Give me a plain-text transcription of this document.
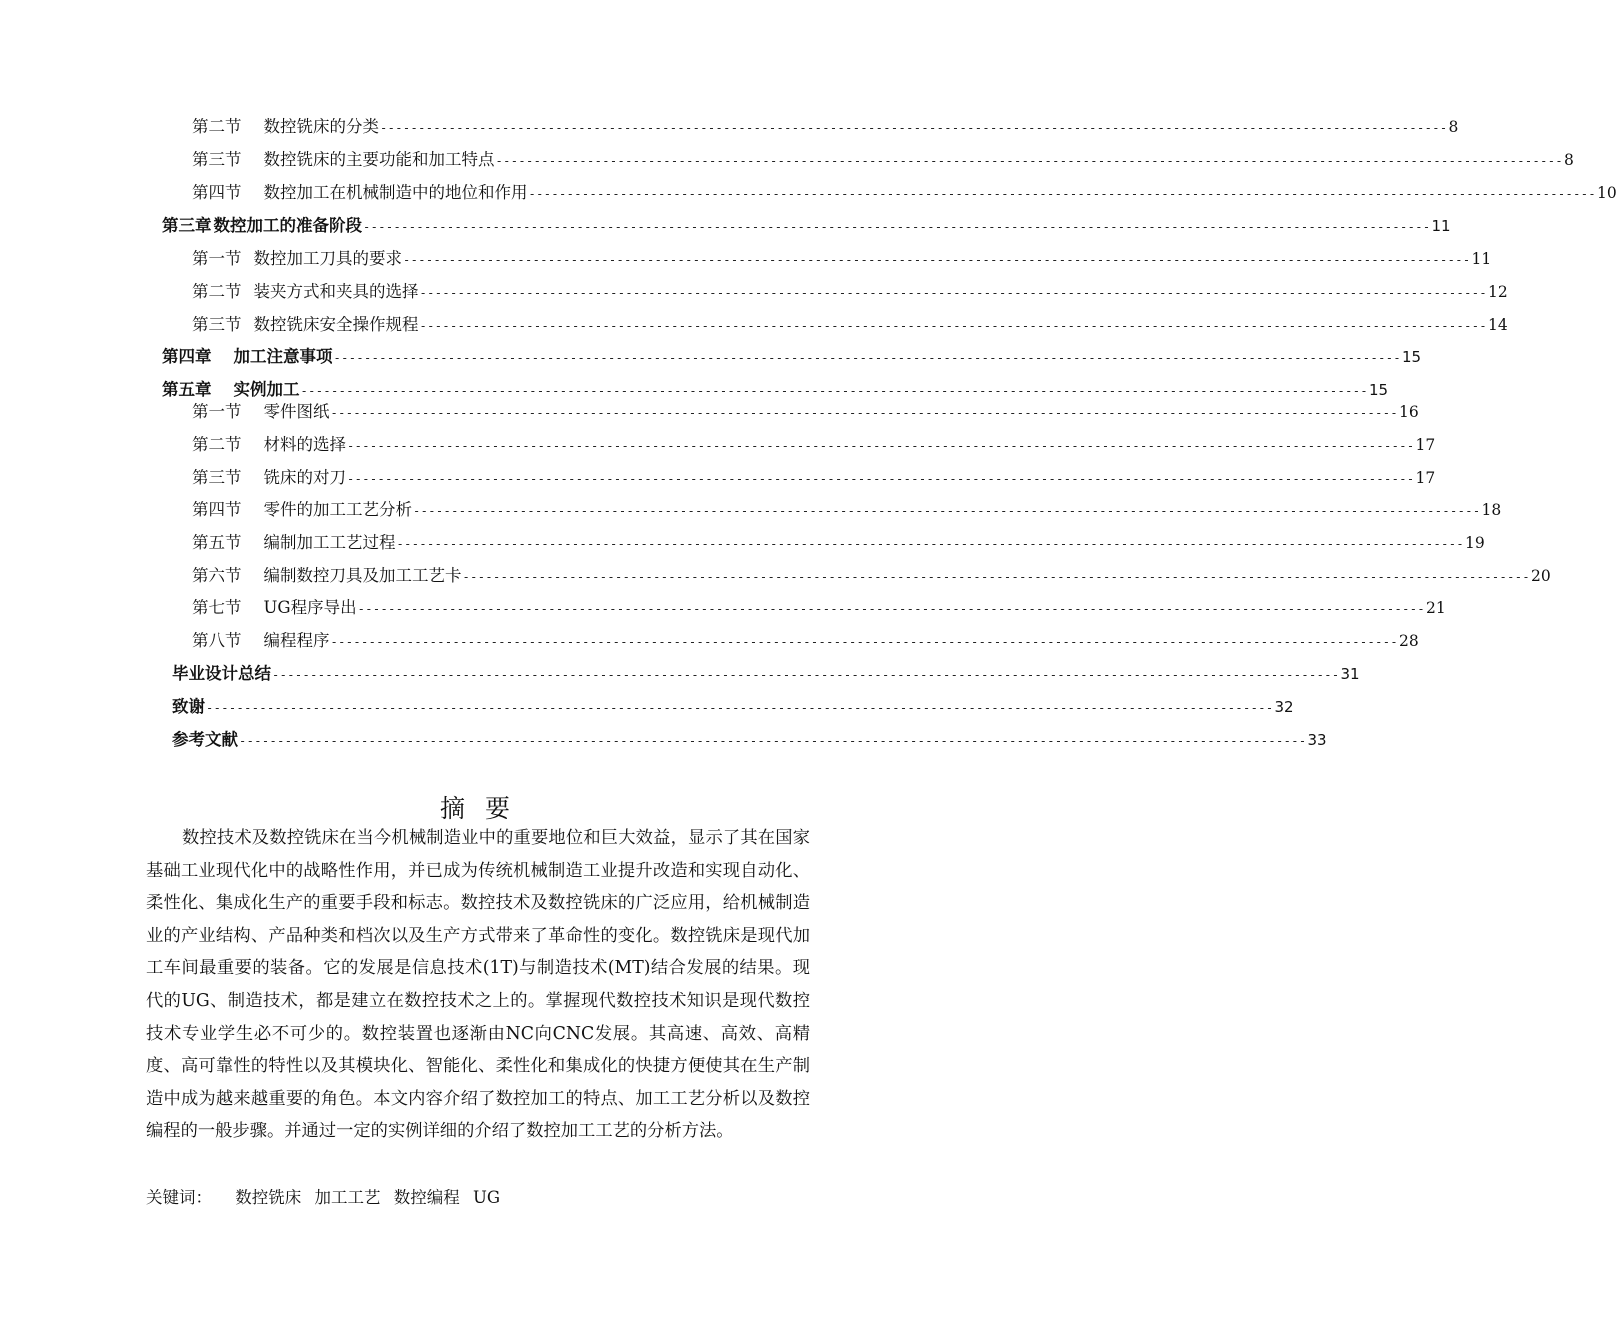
第二节 数控铣床的分类 -------------------------------------------------------------------------------------------------------------------------------------------- 8
第三节 数控铣床的主要功能和加工特点 -------------------------------------------------------------------------------------------------------------------------------------------- 8
第四节 数控加工在机械制造中的地位和作用 -------------------------------------------------------------------------------------------------------------------------------------------- 10
第三章 数控加工的准备阶段 -------------------------------------------------------------------------------------------------------------------------------------------- 11
第一节 数控加工刀具的要求 -------------------------------------------------------------------------------------------------------------------------------------------- 11
第二节 装夹方式和夹具的选择 -------------------------------------------------------------------------------------------------------------------------------------------- 12
第三节 数控铣床安全操作规程 -------------------------------------------------------------------------------------------------------------------------------------------- 14
第四章 加工注意事项 -------------------------------------------------------------------------------------------------------------------------------------------- 15
第五章 实例加工 -------------------------------------------------------------------------------------------------------------------------------------------- 15
第一节 零件图纸 -------------------------------------------------------------------------------------------------------------------------------------------- 16
第二节 材料的选择 -------------------------------------------------------------------------------------------------------------------------------------------- 17
第三节 铣床的对刀 -------------------------------------------------------------------------------------------------------------------------------------------- 17
第四节 零件的加工工艺分析 -------------------------------------------------------------------------------------------------------------------------------------------- 18
第五节 编制加工工艺过程 -------------------------------------------------------------------------------------------------------------------------------------------- 19
第六节 编制数控刀具及加工工艺卡 -------------------------------------------------------------------------------------------------------------------------------------------- 20
第七节 UG程序导出 -------------------------------------------------------------------------------------------------------------------------------------------- 21
第八节 编程程序 -------------------------------------------------------------------------------------------------------------------------------------------- 28
毕业设计总结 -------------------------------------------------------------------------------------------------------------------------------------------- 31
致谢 -------------------------------------------------------------------------------------------------------------------------------------------- 32
参考文献 -------------------------------------------------------------------------------------------------------------------------------------------- 33
摘要

数控技术及数控铣床在当今机械制造业中的重要地位和巨大效益，显示了其在国家基础工业现代化中的战略性作用，并已成为传统机械制造工业提升改造和实现自动化、柔性化、集成化生产的重要手段和标志。数控技术及数控铣床的广泛应用，给机械制造业的产业结构、产品种类和档次以及生产方式带来了革命性的变化。数控铣床是现代加工车间最重要的装备。它的发展是信息技术(1T)与制造技术(MT)结合发展的结果。现代的UG、制造技术，都是建立在数控技术之上的。掌握现代数控技术知识是现代数控技术专业学生必不可少的。数控装置也逐渐由NC向CNC发展。其高速、高效、高精度、高可靠性的特性以及其模块化、智能化、柔性化和集成化的快捷方便使其在生产制造中成为越来越重要的角色。本文内容介绍了数控加工的特点、加工工艺分析以及数控编程的一般步骤。并通过一定的实例详细的介绍了数控加工工艺的分析方法。

关键词： 数控铣床 加工工艺 数控编程 UG
